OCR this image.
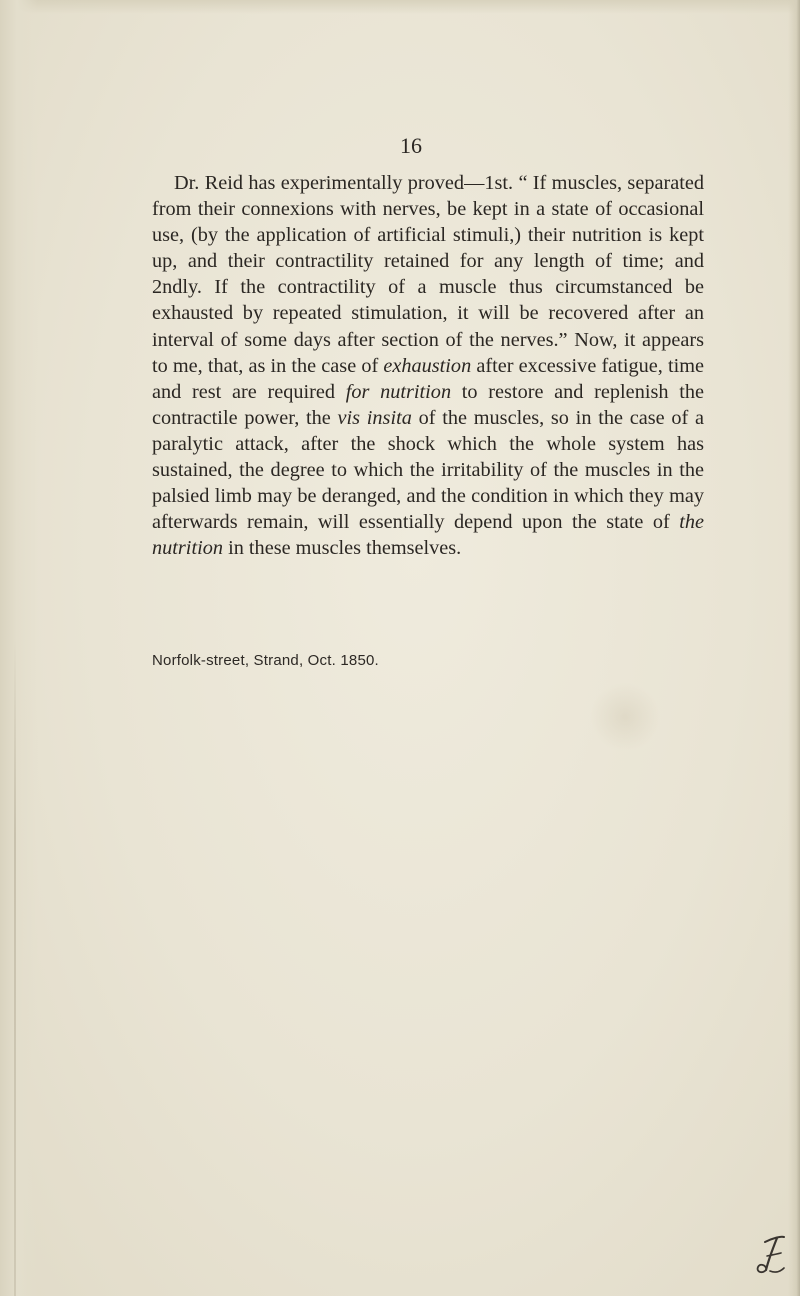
16

Dr. Reid has experimentally proved—1st. “ If muscles, separated from their connexions with nerves, be kept in a state of occasional use, (by the application of artificial stimuli,) their nutrition is kept up, and their contractility retained for any length of time; and 2ndly. If the contractility of a muscle thus circumstanced be exhausted by repeated stimulation, it will be recovered after an interval of some days after section of the nerves.” Now, it appears to me, that, as in the case of exhaustion after excessive fatigue, time and rest are required for nutrition to restore and replenish the contractile power, the vis insita of the muscles, so in the case of a paralytic attack, after the shock which the whole system has sustained, the degree to which the irritability of the muscles in the palsied limb may be deranged, and the condition in which they may afterwards remain, will essentially depend upon the state of the nutrition in these muscles themselves.

Norfolk-street, Strand, Oct. 1850.
